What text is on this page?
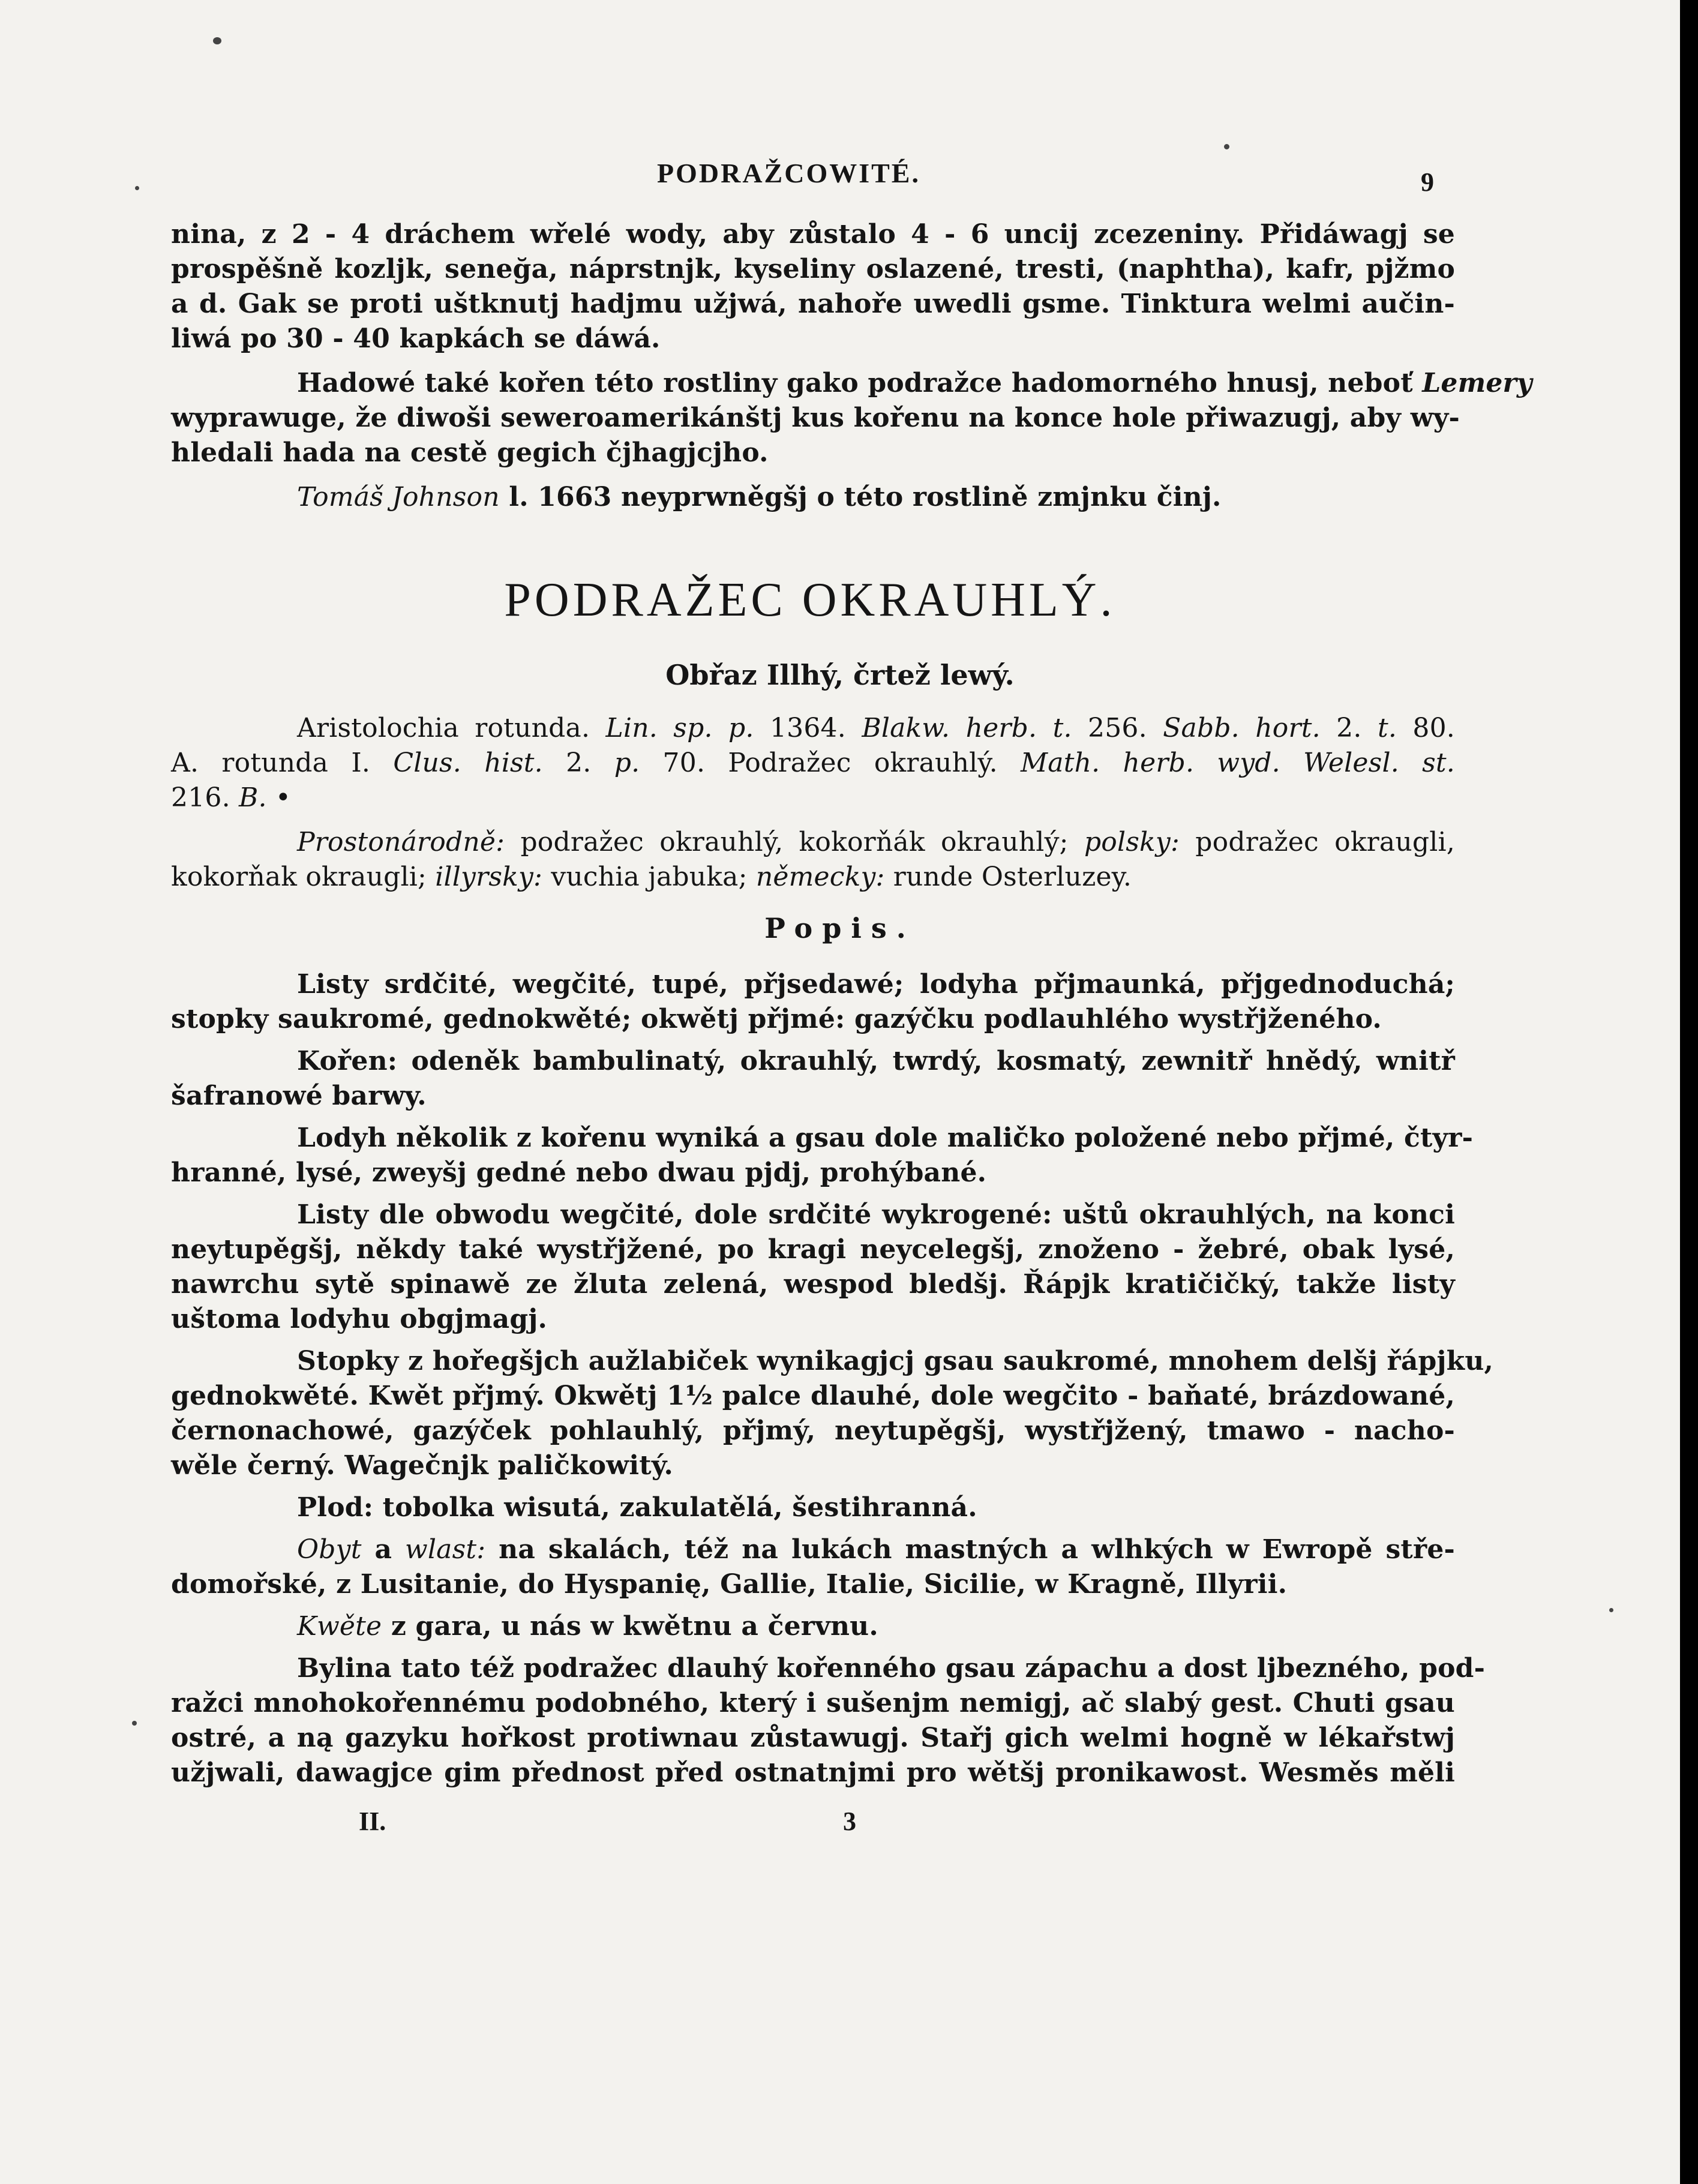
PODRAŽCOWITÉ.	9
nina, z 2 - 4 dráchem wřelé wody, aby zůstalo 4 - 6 uncij zcezeniny. Přidáwagj se
prospěšně kozljk, seneğa, náprstnjk, kyseliny oslazené, tresti, (naphtha), kafr, pjžmo
a d. Gak se proti uštknutj hadjmu užjwá, nahoře uwedli gsme. Tinktura welmi aučin-
liwá po 30 - 40 kapkách se dáwá.
Hadowé také kořen této rostliny gako podražce hadomorného hnusj, neboť Lemery
wyprawuge, že diwoši seweroamerikánštj kus kořenu na konce hole přiwazugj, aby wy-
hledali hada na cestě gegich čjhagjcjho.
Tomáš Johnson l. 1663 neyprwněgšj o této rostlině zmjnku činj.
PODRAŽEC OKRAUHLÝ.
Obřaz Illhý, črtež lewý.
Aristolochia rotunda. Lin. sp. p. 1364. Blakw. herb. t. 256. Sabb. hort. 2. t. 80.
A. rotunda I. Clus. hist. 2. p. 70. Podražec okrauhlý. Math. herb. wyd. Welesl. st.
216. B. •
Prostonárodně: podražec okrauhlý, kokorňák okrauhlý; polsky: podražec okraugli,
kokorňak okraugli; illyrsky: vuchia jabuka; německy: runde Osterluzey.
Popis.
Listy srdčité, wegčité, tupé, přjsedawé; lodyha přjmaunká, přjgednoduchá;
stopky saukromé, gednokwěté; okwětj přjmé: gazýčku podlauhlého wystřjženého.
Kořen: odeněk bambulinatý, okrauhlý, twrdý, kosmatý, zewnitř hnědý, wnitř
šafranowé barwy.
Lodyh několik z kořenu wyniká a gsau dole maličko položené nebo přjmé, čtyr-
hranné, lysé, zweyšj gedné nebo dwau pjdj, prohýbané.
Listy dle obwodu wegčité, dole srdčité wykrogené: uštů okrauhlých, na konci
neytupěgšj, někdy také wystřjžené, po kragi neycelegšj, znoženo - žebré, obak lysé,
nawrchu sytě spinawě ze žluta zelená, wespod bledšj. Řápjk kratičičký, takže listy
uštoma lodyhu obgjmagj.
Stopky z hořegšjch aužlabiček wynikagjcj gsau saukromé, mnohem delšj řápjku,
gednokwěté. Kwět přjmý. Okwětj 1½ palce dlauhé, dole wegčito - baňaté, brázdowané,
černonachowé, gazýček pohlauhlý, přjmý, neytupěgšj, wystřjžený, tmawo - nacho-
wěle černý. Wagečnjk paličkowitý.
Plod: tobolka wisutá, zakulatělá, šestihranná.
Obyt a wlast: na skalách, též na lukách mastných a wlhkých w Ewropě stře-
domořské, z Lusitanie, do Hyspanię, Gallie, Italie, Sicilie, w Kragně, Illyrii.
Kwěte z gara, u nás w kwětnu a červnu.
Bylina tato též podražec dlauhý kořenného gsau zápachu a dost ljbezného, pod-
ražci mnohokořennému podobného, který i sušenjm nemigj, ač slabý gest. Chuti gsau
ostré, a ną gazyku hořkost protiwnau zůstawugj. Stařj gich welmi hogně w lékařstwj
užjwali, dawagjce gim přednost před ostnatnjmi pro wětšj pronikawost. Wesměs měli
II.	3
